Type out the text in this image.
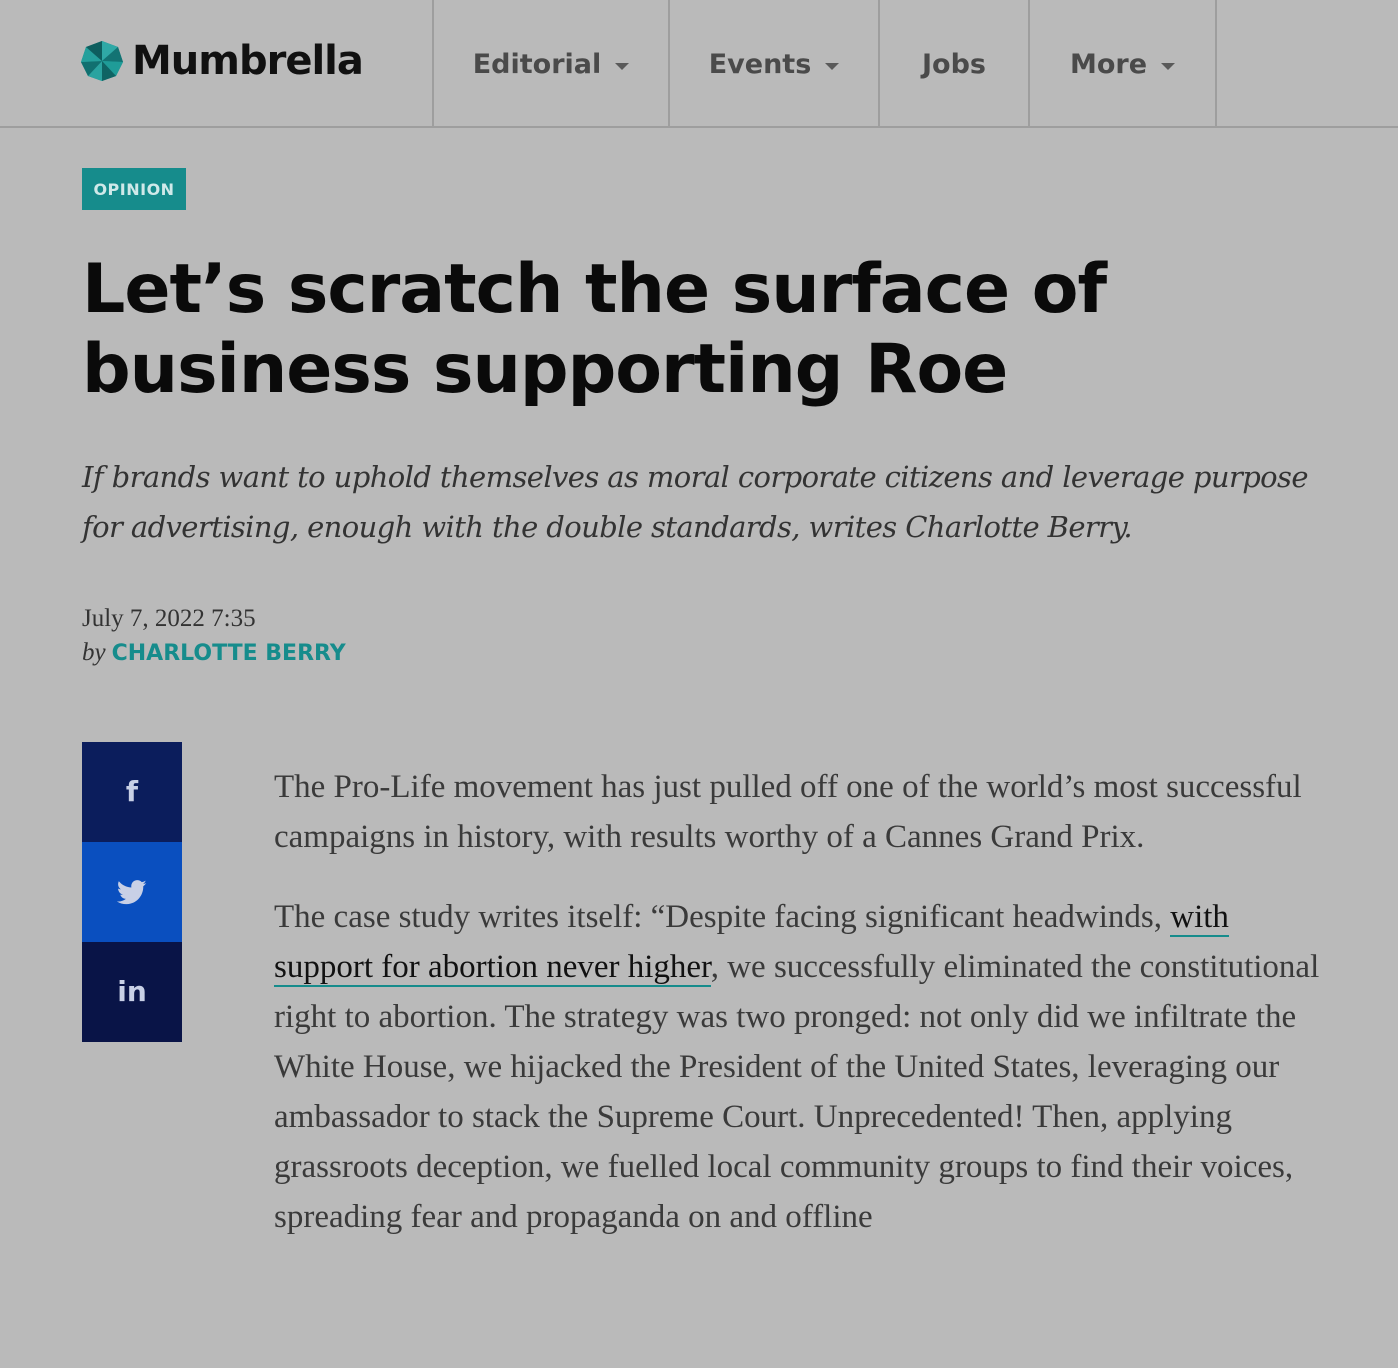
Mumbrella	Editorial	Events	Jobs	More
OPINION
Let’s scratch the surface of business supporting Roe

If brands want to uphold themselves as moral corporate citizens and leverage purpose for advertising, enough with the double standards, writes Charlotte Berry.

July 7, 2022 7:35
by CHARLOTTE BERRY
f
in

The Pro-Life movement has just pulled off one of the world’s most successful campaigns in history, with results worthy of a Cannes Grand Prix.

The case study writes itself: “Despite facing significant headwinds, with support for abortion never higher, we successfully eliminated the constitutional right to abortion. The strategy was two pronged: not only did we infiltrate the White House, we hijacked the President of the United States, leveraging our ambassador to stack the Supreme Court. Unprecedented! Then, applying grassroots deception, we fuelled local community groups to find their voices, spreading fear and propaganda on and offline
